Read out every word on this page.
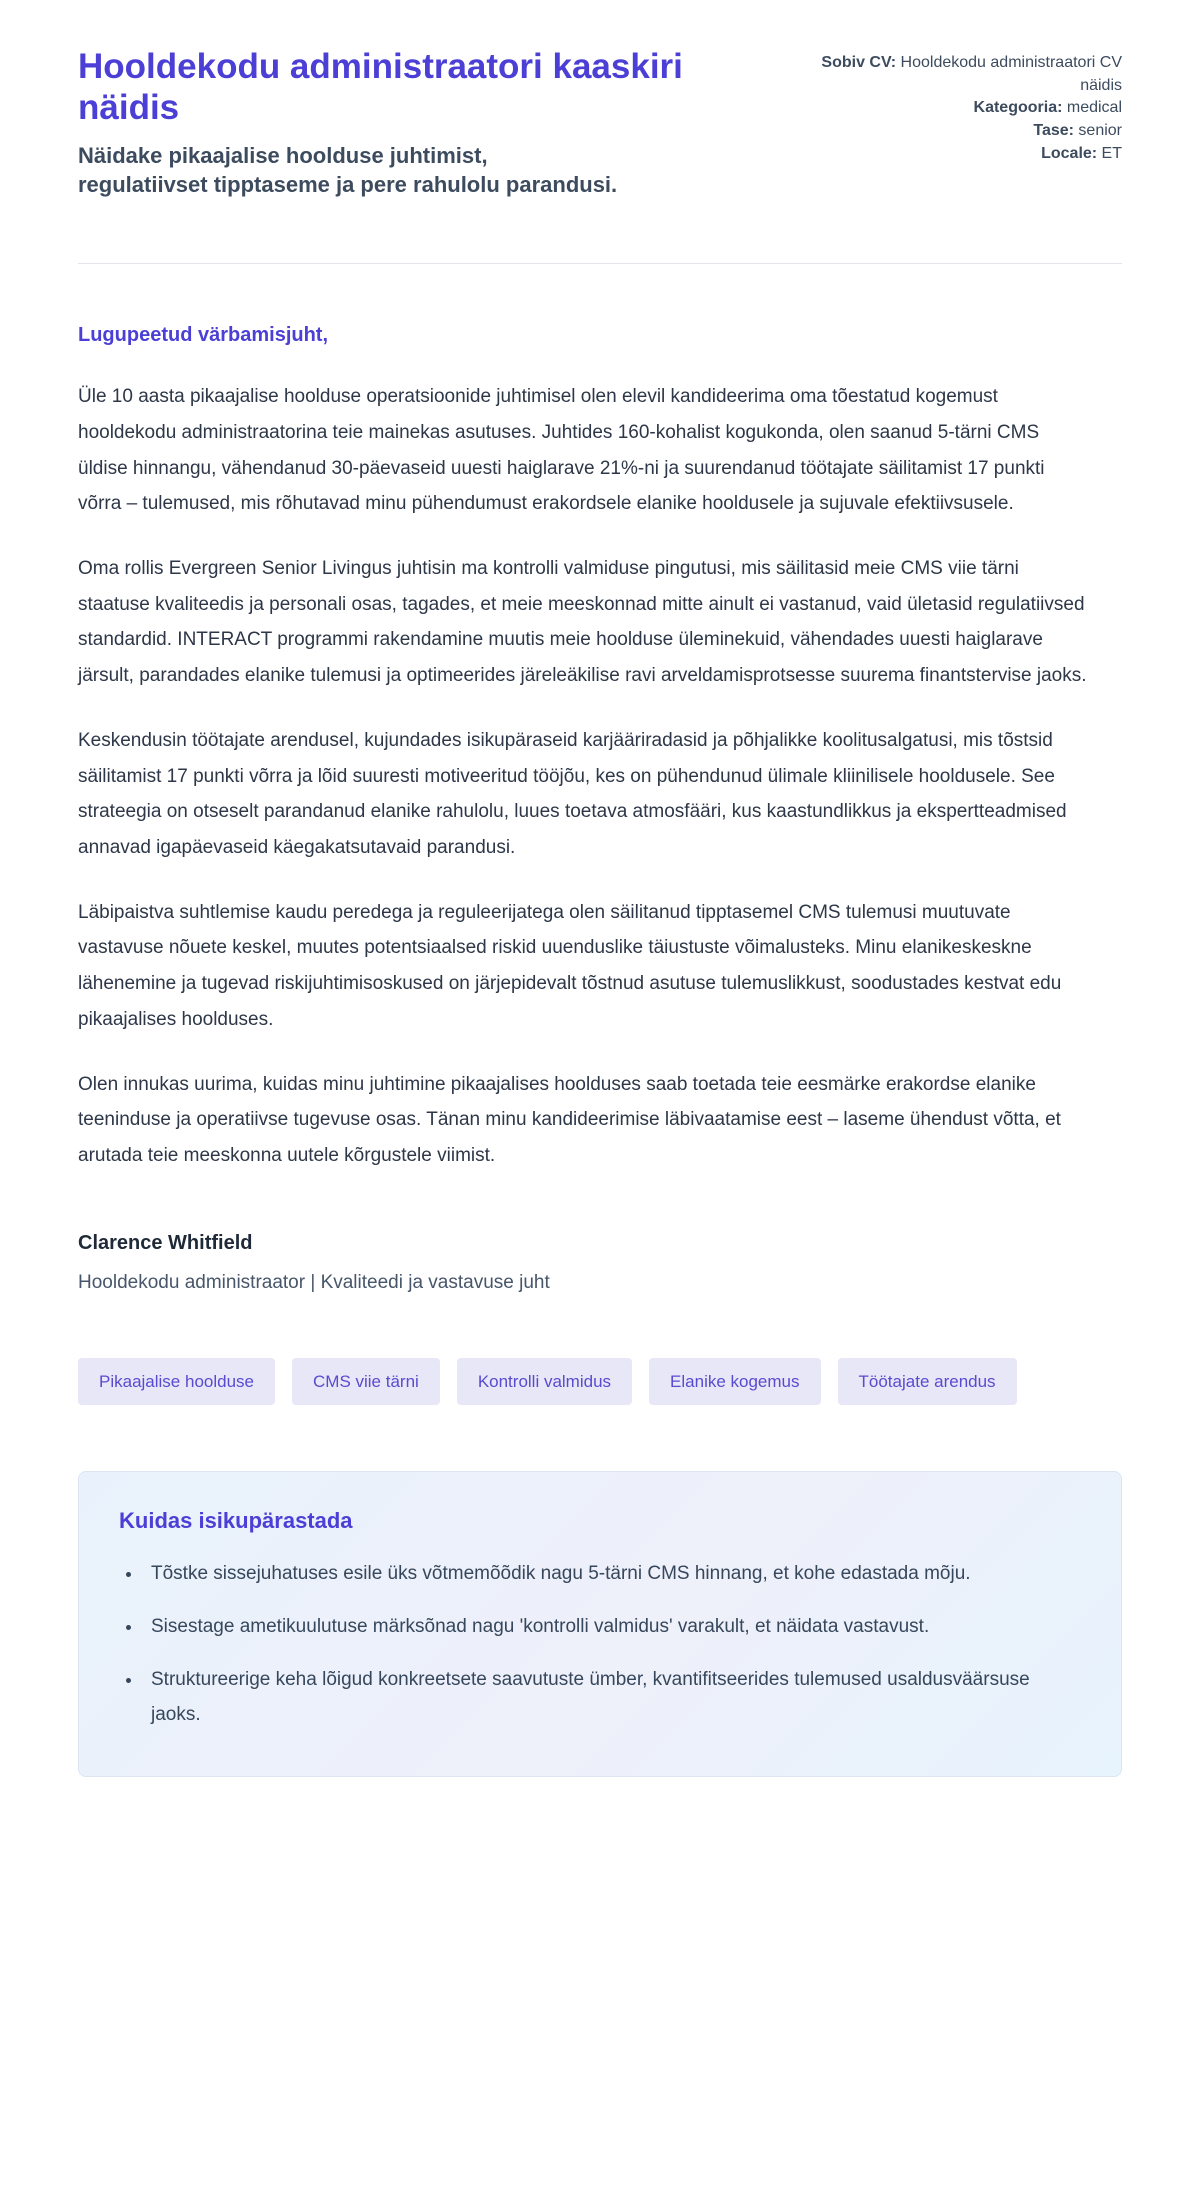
Hooldekodu administraatori kaaskiri näidis
Näidake pikaajalise hoolduse juhtimist, regulatiivset tipptaseme ja pere rahulolu parandusi.
Sobiv CV: Hooldekodu administraatori CV näidis
Kategooria: medical
Tase: senior
Locale: ET
Lugupeetud värbamisjuht,

Üle 10 aasta pikaajalise hoolduse operatsioonide juhtimisel olen elevil kandideerima oma tõestatud kogemust hooldekodu administraatorina teie mainekas asutuses. Juhtides 160-kohalist kogukonda, olen saanud 5-tärni CMS üldise hinnangu, vähendanud 30-päevaseid uuesti haiglarave 21%-ni ja suurendanud töötajate säilitamist 17 punkti võrra – tulemused, mis rõhutavad minu pühendumust erakordsele elanike hooldusele ja sujuvale efektiivsusele.

Oma rollis Evergreen Senior Livingus juhtisin ma kontrolli valmiduse pingutusi, mis säilitasid meie CMS viie tärni staatuse kvaliteedis ja personali osas, tagades, et meie meeskonnad mitte ainult ei vastanud, vaid ületasid regulatiivsed standardid. INTERACT programmi rakendamine muutis meie hoolduse üleminekuid, vähendades uuesti haiglarave järsult, parandades elanike tulemusi ja optimeerides järeleäkilise ravi arveldamisprotsesse suurema finantstervise jaoks.

Keskendusin töötajate arendusel, kujundades isikupäraseid karjääriradasid ja põhjalikke koolitusalgatusi, mis tõstsid säilitamist 17 punkti võrra ja lõid suuresti motiveeritud tööjõu, kes on pühendunud ülimale kliinilisele hooldusele. See strateegia on otseselt parandanud elanike rahulolu, luues toetava atmosfääri, kus kaastundlikkus ja ekspertteadmised annavad igapäevaseid käegakatsutavaid parandusi.

Läbipaistva suhtlemise kaudu peredega ja reguleerijatega olen säilitanud tipptasemel CMS tulemusi muutuvate vastavuse nõuete keskel, muutes potentsiaalsed riskid uuenduslike täiustuste võimalusteks. Minu elanikeskeskne lähenemine ja tugevad riskijuhtimisoskused on järjepidevalt tõstnud asutuse tulemuslikkust, soodustades kestvat edu pikaajalises hoolduses.

Olen innukas uurima, kuidas minu juhtimine pikaajalises hoolduses saab toetada teie eesmärke erakordse elanike teeninduse ja operatiivse tugevuse osas. Tänan minu kandideerimise läbivaatamise eest – laseme ühendust võtta, et arutada teie meeskonna uutele kõrgustele viimist.

Clarence Whitfield
Hooldekodu administraator | Kvaliteedi ja vastavuse juht
Pikaajalise hoolduse	CMS viie tärni	Kontrolli valmidus	Elanike kogemus	Töötajate arendus
Kuidas isikupärastada
• Tõstke sissejuhatuses esile üks võtmemõõdik nagu 5-tärni CMS hinnang, et kohe edastada mõju.
• Sisestage ametikuulutuse märksõnad nagu 'kontrolli valmidus' varakult, et näidata vastavust.
• Struktureerige keha lõigud konkreetsete saavutuste ümber, kvantifitseerides tulemused usaldusväärsuse jaoks.
